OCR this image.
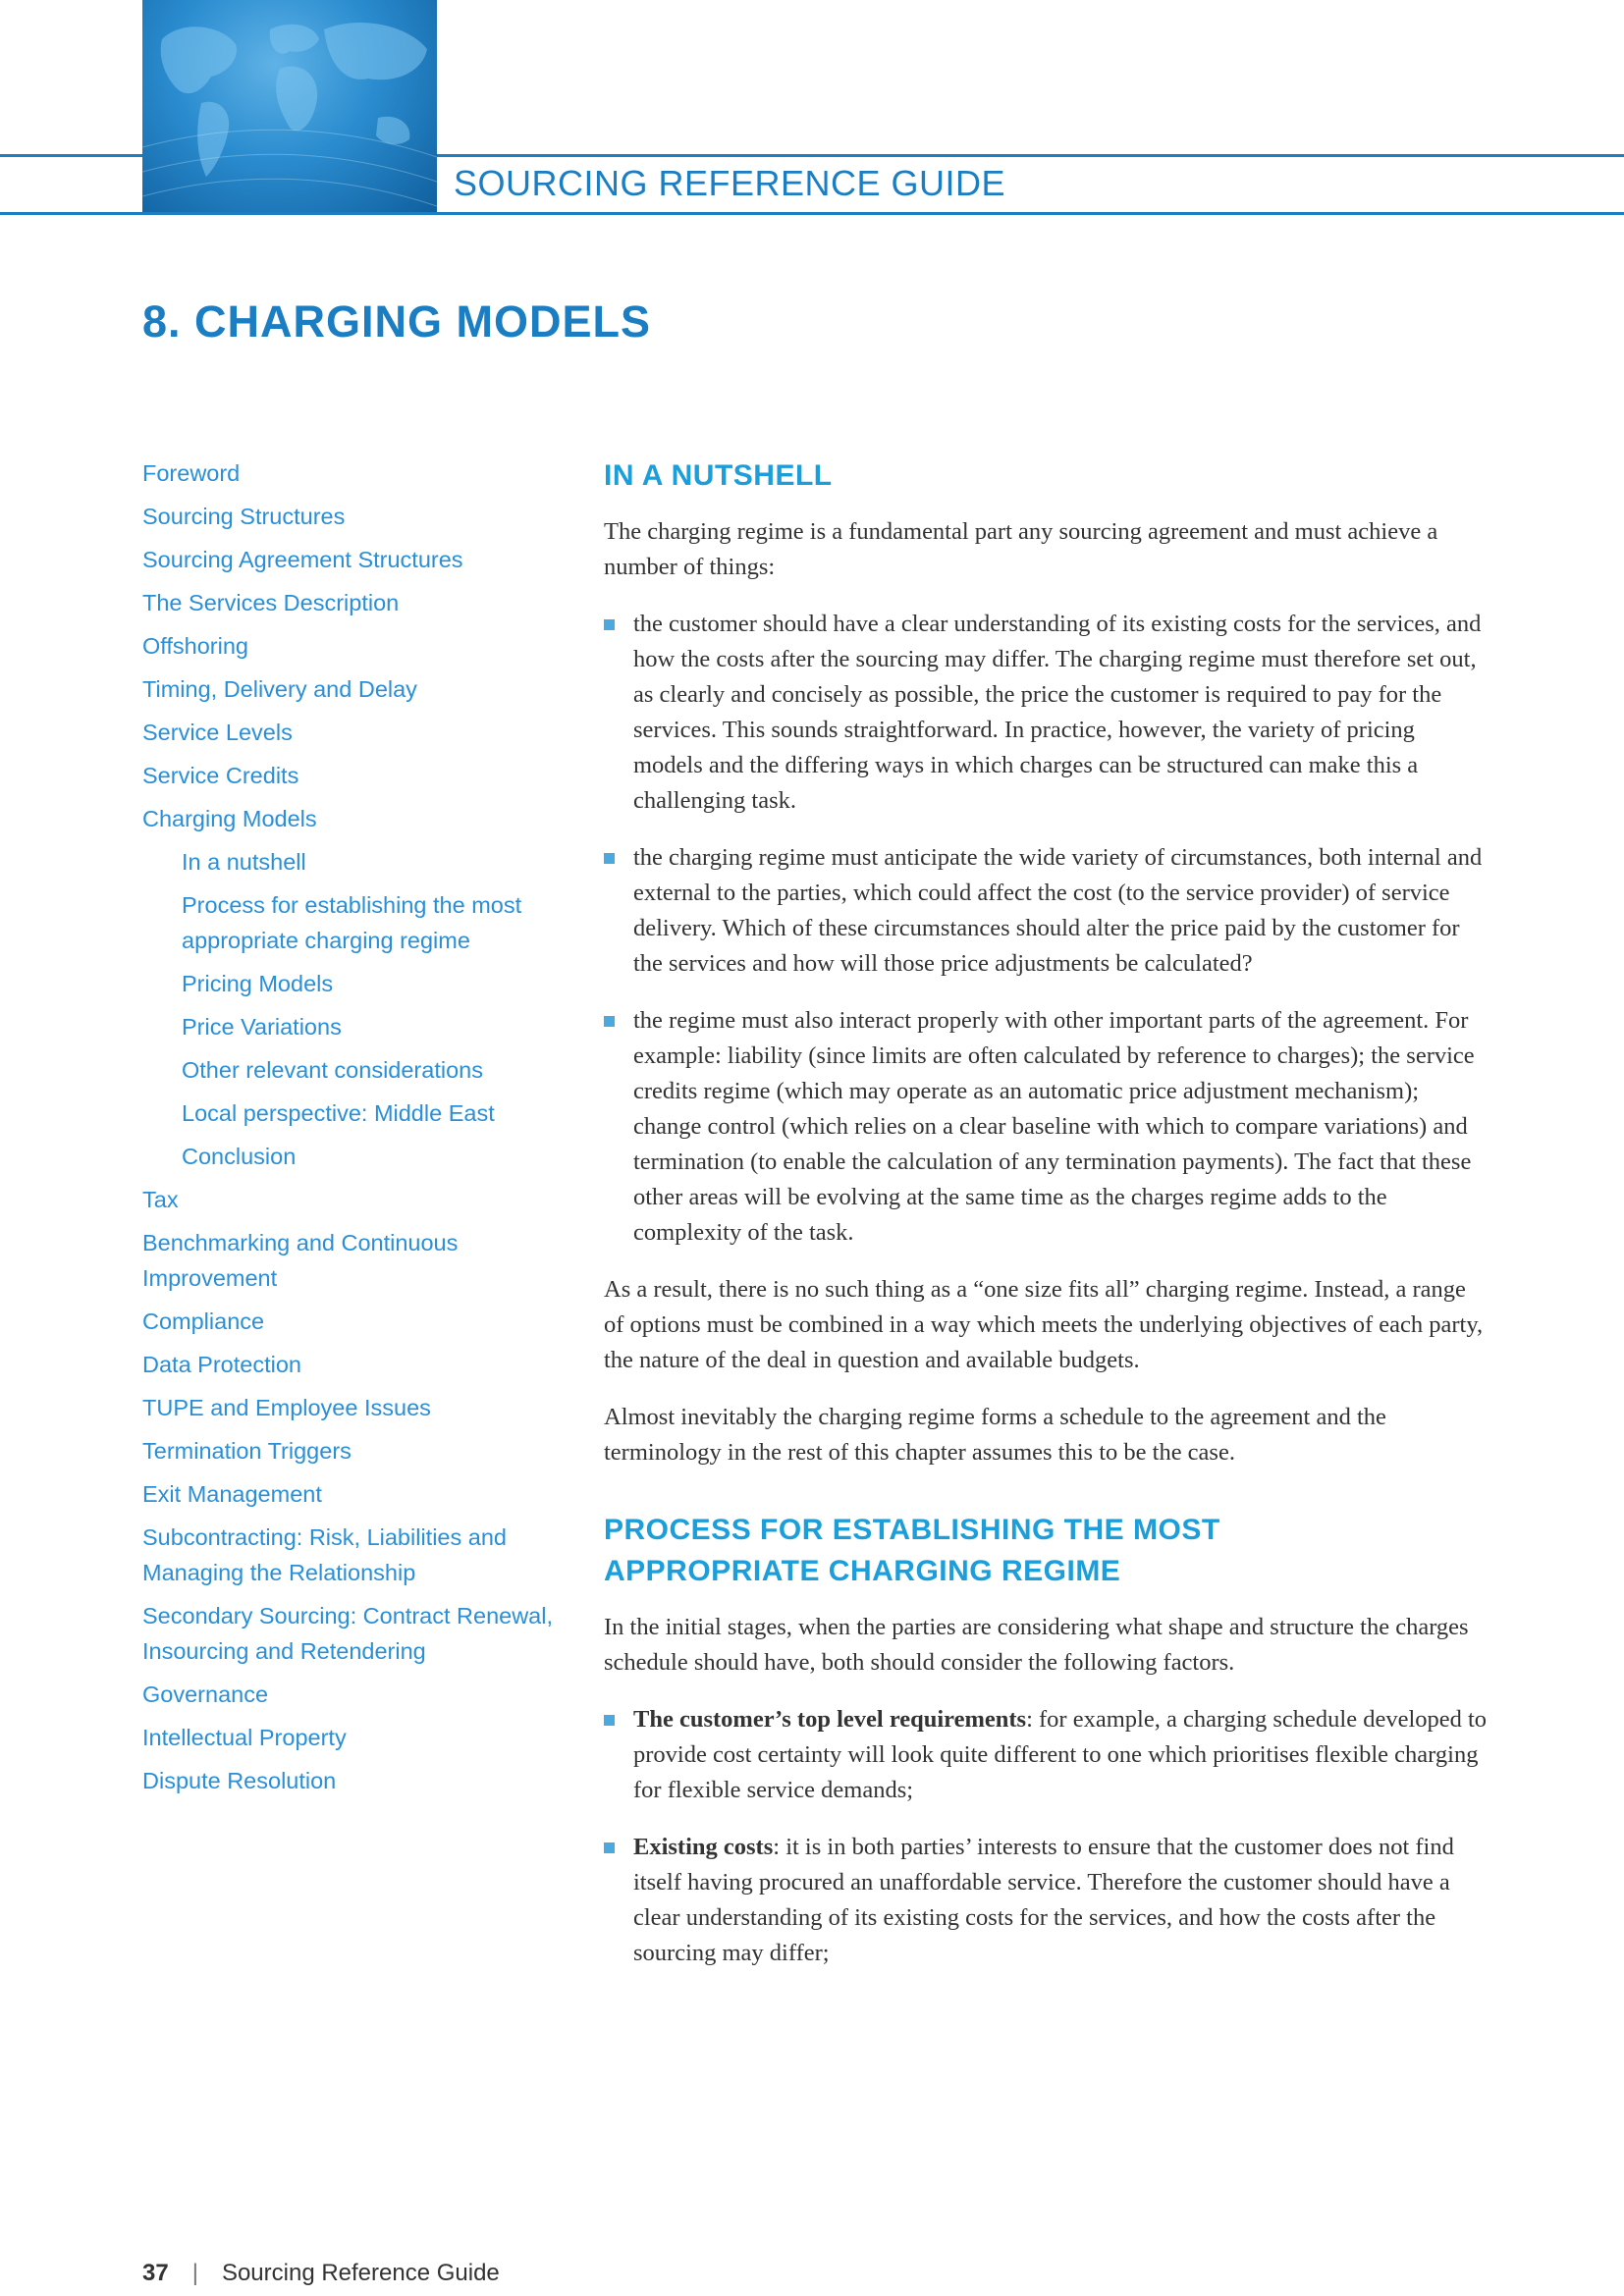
SOURCING REFERENCE GUIDE
8. CHARGING MODELS
Foreword
Sourcing Structures
Sourcing Agreement Structures
The Services Description
Offshoring
Timing, Delivery and Delay
Service Levels
Service Credits
Charging Models
In a nutshell
Process for establishing the most appropriate charging regime
Pricing Models
Price Variations
Other relevant considerations
Local perspective: Middle East
Conclusion
Tax
Benchmarking and Continuous Improvement
Compliance
Data Protection
TUPE and Employee Issues
Termination Triggers
Exit Management
Subcontracting: Risk, Liabilities and Managing the Relationship
Secondary Sourcing: Contract Renewal, Insourcing and Retendering
Governance
Intellectual Property
Dispute Resolution
IN A NUTSHELL

The charging regime is a fundamental part any sourcing agreement and must achieve a number of things:

the customer should have a clear understanding of its existing costs for the services, and how the costs after the sourcing may differ. The charging regime must therefore set out, as clearly and concisely as possible, the price the customer is required to pay for the services. This sounds straightforward. In practice, however, the variety of pricing models and the differing ways in which charges can be structured can make this a challenging task.
the charging regime must anticipate the wide variety of circumstances, both internal and external to the parties, which could affect the cost (to the service provider) of service delivery. Which of these circumstances should alter the price paid by the customer for the services and how will those price adjustments be calculated?
the regime must also interact properly with other important parts of the agreement. For example: liability (since limits are often calculated by reference to charges); the service credits regime (which may operate as an automatic price adjustment mechanism); change control (which relies on a clear baseline with which to compare variations) and termination (to enable the calculation of any termination payments). The fact that these other areas will be evolving at the same time as the charges regime adds to the complexity of the task.

As a result, there is no such thing as a “one size fits all” charging regime. Instead, a range of options must be combined in a way which meets the underlying objectives of each party, the nature of the deal in question and available budgets.

Almost inevitably the charging regime forms a schedule to the agreement and the terminology in the rest of this chapter assumes this to be the case.

PROCESS FOR ESTABLISHING THE MOST
APPROPRIATE CHARGING REGIME

In the initial stages, when the parties are considering what shape and structure the charges schedule should have, both should consider the following factors.

The customer’s top level requirements: for example, a charging schedule developed to provide cost certainty will look quite different to one which prioritises flexible charging for flexible service demands;
Existing costs: it is in both parties’ interests to ensure that the customer does not find itself having procured an unaffordable service. Therefore the customer should have a clear understanding of its existing costs for the services, and how the costs after the sourcing may differ;
37 | Sourcing Reference Guide
